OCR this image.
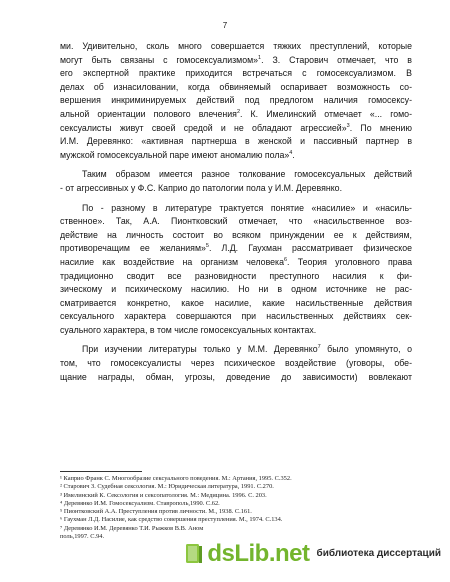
7
ми. Удивительно, сколь много совершается тяжких преступлений, которые
могут быть связаны с гомосексуализмом»$^1$. З. Старович отмечает, что в
его экспертной практике приходится встречаться с гомосексуализмом. В
делах об изнасиловании, когда обвиняемый оспаривает возможность со-
вершения инкриминируемых действий под предлогом наличия гомосексу-
альной ориентации полового влечения$^2$. К. Имелинский отмечает «... гомо-
сексуалисты живут своей средой и не обладают агрессией»$^3$. По мнению
И.М. Деревянко: «активная партнерша в женской и пассивный партнер в
мужской гомосексуальной паре имеют аномалию пола»$^4$.
Таким образом имеется разное толкование гомосексуальных действий
- от агрессивных у Ф.С. Каприо до патологии пола у И.М. Деревянко.
По - разному в литературе трактуется понятие «насилие» и «насиль-
ственное». Так, А.А. Пионтковский отмечает, что «насильственное воз-
действие на личность состоит во всяком принуждении ее к действиям,
противоречащим ее желаниям»$^5$. Л.Д. Гаухман рассматривает физическое
насилие как воздействие на организм человека$^6$. Теория уголовного права
традиционно сводит все разновидности преступного насилия к фи-
зическому и психическому насилию. Но ни в одном источнике не рас-
сматривается конкретно, какое насилие, какие насильственные действия
сексуального характера совершаются при насильственных действиях сек-
суального характера, в том числе гомосексуальных контактах.
При изучении литературы только у М.М. Деревянко$^7$ было упомянуто, о
том, что гомосексуалисты через психическое воздействие (уговоры, обе-
щание награды, обман, угрозы, доведение до зависимости) вовлекают
¹ Каприо Франк С. Многообразие сексуального поведения. М.: Артания, 1995. С.352.
² Старович З. Судебная сексология. М.: Юридическая литература, 1991. С.270.
³ Имелинский К. Сексология и сексопатология. М.: Медицина. 1996. С. 203.
⁴ Деревянко И.М. Гомосексуализм. Ставрополь,1990. С.62.
⁵ Пионтковский А.А. Преступления против личности. М., 1938. С.161.
⁶ Гаухман Л.Д. Насилие, как средство совершения преступления. М., 1974. С.134.
⁷ Деревянко И.М. Деревянко Т.И. Рыжков В.В. Аном
поль,1997. С.94.
dsLib.net библиотека диссертаций
